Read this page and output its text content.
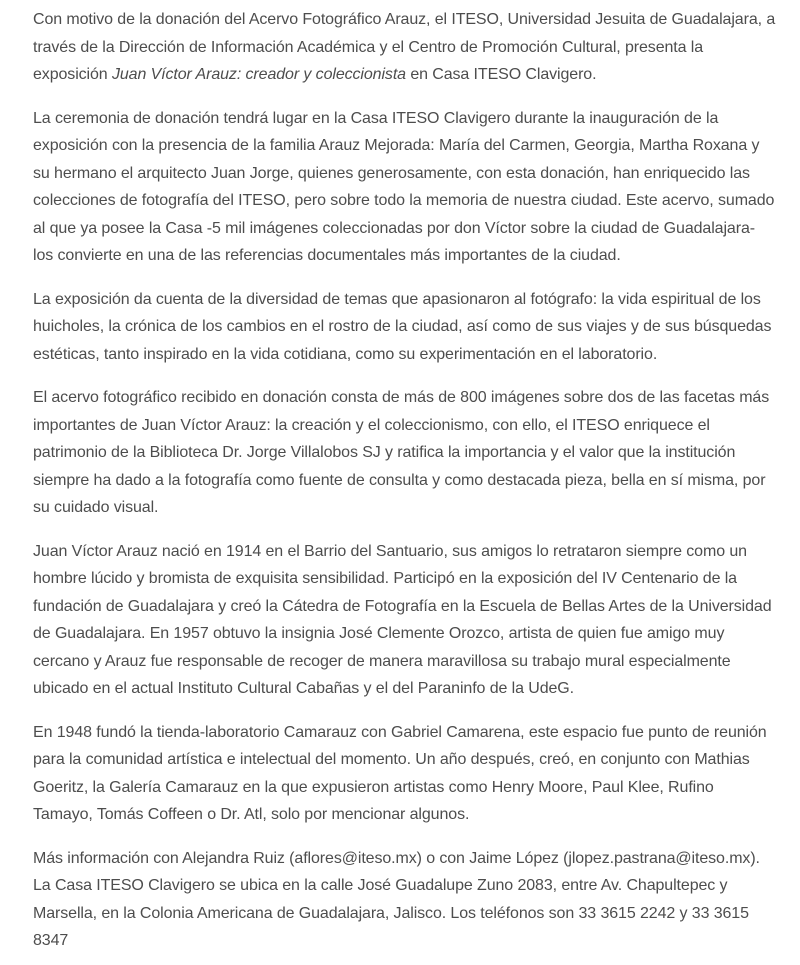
Con motivo de la donación del Acervo Fotográfico Arauz, el ITESO, Universidad Jesuita de Guadalajara, a través de la Dirección de Información Académica y el Centro de Promoción Cultural, presenta la exposición Juan Víctor Arauz: creador y coleccionista en Casa ITESO Clavigero.

La ceremonia de donación tendrá lugar en la Casa ITESO Clavigero durante la inauguración de la exposición con la presencia de la familia Arauz Mejorada: María del Carmen, Georgia, Martha Roxana y su hermano el arquitecto Juan Jorge, quienes generosamente, con esta donación, han enriquecido las colecciones de fotografía del ITESO, pero sobre todo la memoria de nuestra ciudad. Este acervo, sumado al que ya posee la Casa -5 mil imágenes coleccionadas por don Víctor sobre la ciudad de Guadalajara- los convierte en una de las referencias documentales más importantes de la ciudad.

La exposición da cuenta de la diversidad de temas que apasionaron al fotógrafo: la vida espiritual de los huicholes, la crónica de los cambios en el rostro de la ciudad, así como de sus viajes y de sus búsquedas estéticas, tanto inspirado en la vida cotidiana, como su experimentación en el laboratorio.

El acervo fotográfico recibido en donación consta de más de 800 imágenes sobre dos de las facetas más importantes de Juan Víctor Arauz: la creación y el coleccionismo, con ello, el ITESO enriquece el patrimonio de la Biblioteca Dr. Jorge Villalobos SJ y ratifica la importancia y el valor que la institución siempre ha dado a la fotografía como fuente de consulta y como destacada pieza, bella en sí misma, por su cuidado visual.

Juan Víctor Arauz nació en 1914 en el Barrio del Santuario, sus amigos lo retrataron siempre como un hombre lúcido y bromista de exquisita sensibilidad. Participó en la exposición del IV Centenario de la fundación de Guadalajara y creó la Cátedra de Fotografía en la Escuela de Bellas Artes de la Universidad de Guadalajara. En 1957 obtuvo la insignia José Clemente Orozco, artista de quien fue amigo muy cercano y Arauz fue responsable de recoger de manera maravillosa su trabajo mural especialmente ubicado en el actual Instituto Cultural Cabañas y el del Paraninfo de la UdeG.

En 1948 fundó la tienda-laboratorio Camarauz con Gabriel Camarena, este espacio fue punto de reunión para la comunidad artística e intelectual del momento. Un año después, creó, en conjunto con Mathias Goeritz, la Galería Camarauz en la que expusieron artistas como Henry Moore, Paul Klee, Rufino Tamayo, Tomás Coffeen o Dr. Atl, solo por mencionar algunos.

Más información con Alejandra Ruiz (aflores@iteso.mx) o con Jaime López (jlopez.pastrana@iteso.mx). La Casa ITESO Clavigero se ubica en la calle José Guadalupe Zuno 2083, entre Av. Chapultepec y Marsella, en la Colonia Americana de Guadalajara, Jalisco. Los teléfonos son 33 3615 2242 y 33 3615 8347
